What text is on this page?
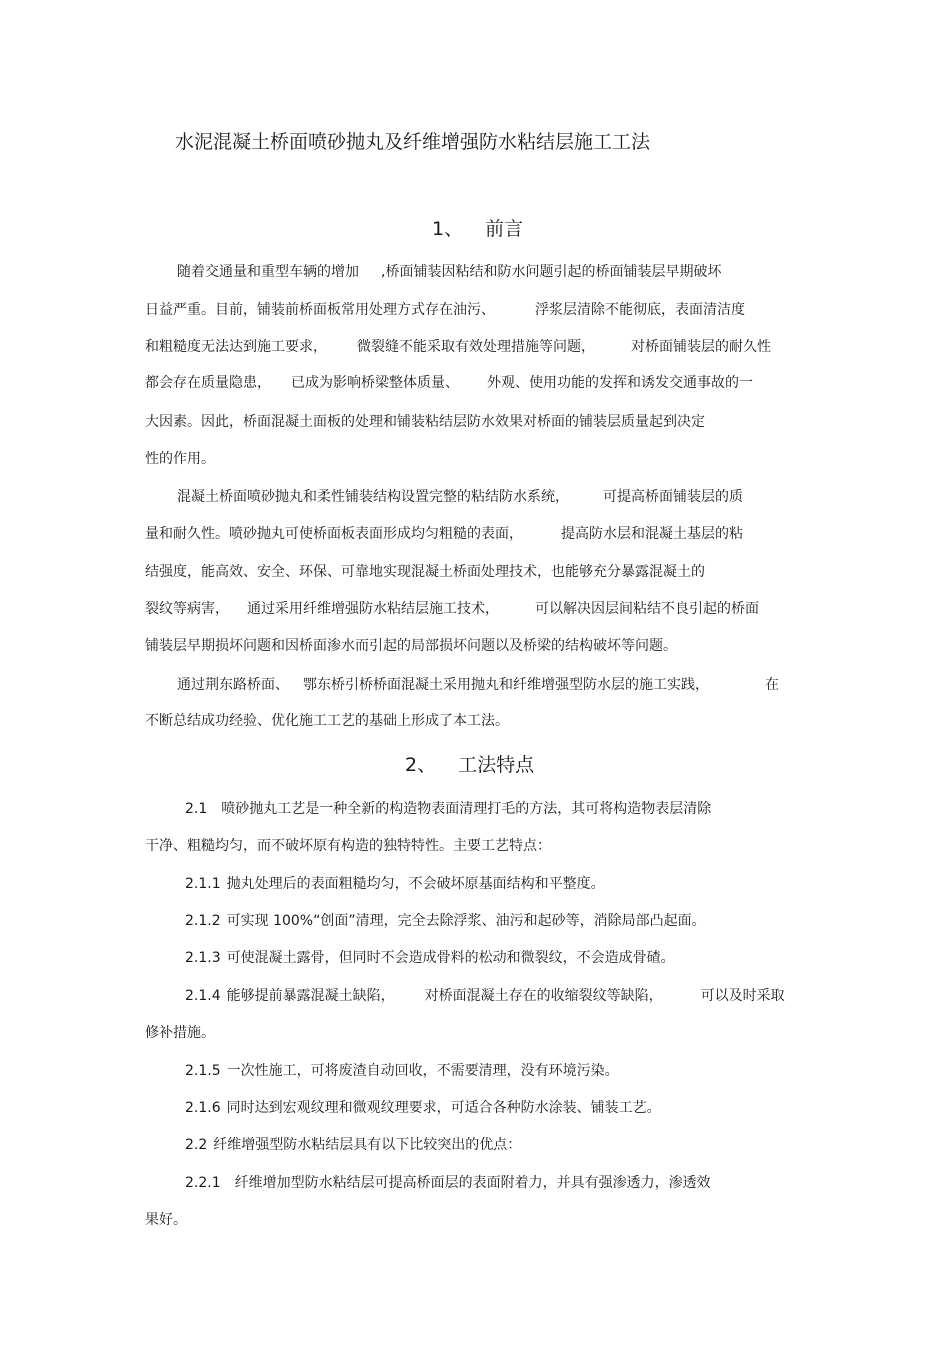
水泥混凝土桥面喷砂抛丸及纤维增强防水粘结层施工工法
1、 前言
随着交通量和重型车辆的增加 ,桥面铺装因粘结和防水问题引起的桥面铺装层早期破坏
日益严重。目前，铺装前桥面板常用处理方式存在油污、	浮浆层清除不能彻底，表面清洁度
和粗糙度无法达到施工要求， 微裂缝不能采取有效处理措施等问题，	对桥面铺装层的耐久性
都会存在质量隐患， 已成为影响桥梁整体质量、 外观、使用功能的发挥和诱发交通事故的一
大因素。因此，桥面混凝土面板的处理和铺装粘结层防水效果对桥面的铺装层质量起到决定
性的作用。
混凝土桥面喷砂抛丸和柔性铺装结构设置完整的粘结防水系统， 可提高桥面铺装层的质
量和耐久性。喷砂抛丸可使桥面板表面形成均匀粗糙的表面，	提高防水层和混凝土基层的粘
结强度，能高效、安全、环保、可靠地实现混凝土桥面处理技术，也能够充分暴露混凝土的
裂纹等病害， 通过采用纤维增强防水粘结层施工技术，	可以解决因层间粘结不良引起的桥面
铺装层早期损坏问题和因桥面渗水而引起的局部损坏问题以及桥梁的结构破坏等问题。
通过荆东路桥面、 鄂东桥引桥桥面混凝土采用抛丸和纤维增强型防水层的施工实践，	在
不断总结成功经验、优化施工工艺的基础上形成了本工法。
2、 工法特点
2.1 喷砂抛丸工艺是一种全新的构造物表面清理打毛的方法，其可将构造物表层清除
干净、粗糙均匀，而不破坏原有构造的独特特性。主要工艺特点：
2.1.1 抛丸处理后的表面粗糙均匀，不会破坏原基面结构和平整度。
2.1.2 可实现 100%“创面”清理，完全去除浮浆、油污和起砂等，消除局部凸起面。
2.1.3 可使混凝土露骨，但同时不会造成骨料的松动和微裂纹，不会造成骨碴。
2.1.4 能够提前暴露混凝土缺陷， 对桥面混凝土存在的收缩裂纹等缺陷，	可以及时采取
修补措施。
2.1.5 一次性施工，可将废渣自动回收，不需要清理，没有环境污染。
2.1.6 同时达到宏观纹理和微观纹理要求，可适合各种防水涂装、铺装工艺。
2.2 纤维增强型防水粘结层具有以下比较突出的优点：
2.2.1 纤维增加型防水粘结层可提高桥面层的表面附着力，并具有强渗透力，渗透效
果好。
